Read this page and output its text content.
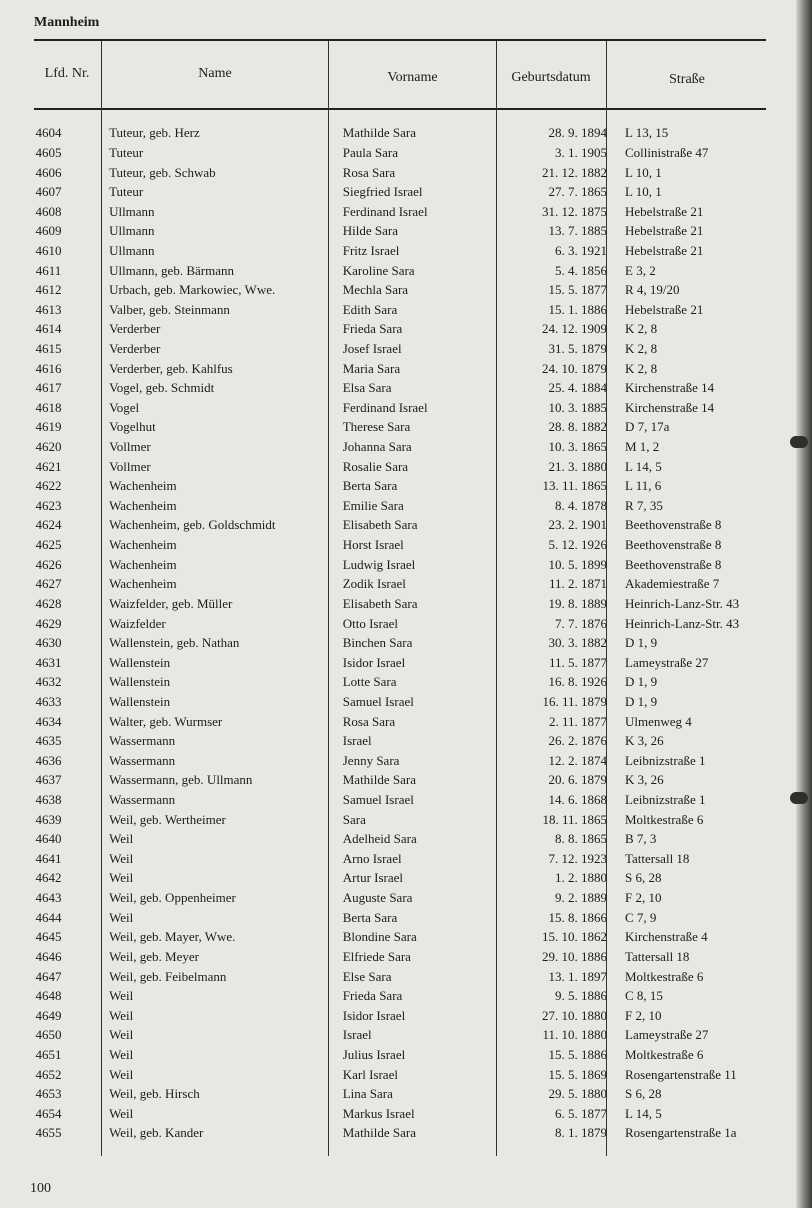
Mannheim
Lfd. Nr.	Name	Vorname	Geburtsdatum	Straße
4604	Tuteur, geb. Herz	Mathilde Sara	28. 9. 1894	L 13, 15
4605	Tuteur	Paula Sara	3. 1. 1905	Collinistraße 47
4606	Tuteur, geb. Schwab	Rosa Sara	21. 12. 1882	L 10, 1
4607	Tuteur	Siegfried Israel	27. 7. 1865	L 10, 1
4608	Ullmann	Ferdinand Israel	31. 12. 1875	Hebelstraße 21
4609	Ullmann	Hilde Sara	13. 7. 1885	Hebelstraße 21
4610	Ullmann	Fritz Israel	6. 3. 1921	Hebelstraße 21
4611	Ullmann, geb. Bärmann	Karoline Sara	5. 4. 1856	E 3, 2
4612	Urbach, geb. Markowiec, Wwe.	Mechla Sara	15. 5. 1877	R 4, 19/20
4613	Valber, geb. Steinmann	Edith Sara	15. 1. 1886	Hebelstraße 21
4614	Verderber	Frieda Sara	24. 12. 1909	K 2, 8
4615	Verderber	Josef Israel	31. 5. 1879	K 2, 8
4616	Verderber, geb. Kahlfus	Maria Sara	24. 10. 1879	K 2, 8
4617	Vogel, geb. Schmidt	Elsa Sara	25. 4. 1884	Kirchenstraße 14
4618	Vogel	Ferdinand Israel	10. 3. 1885	Kirchenstraße 14
4619	Vogelhut	Therese Sara	28. 8. 1882	D 7, 17a
4620	Vollmer	Johanna Sara	10. 3. 1865	M 1, 2
4621	Vollmer	Rosalie Sara	21. 3. 1880	L 14, 5
4622	Wachenheim	Berta Sara	13. 11. 1865	L 11, 6
4623	Wachenheim	Emilie Sara	8. 4. 1878	R 7, 35
4624	Wachenheim, geb. Goldschmidt	Elisabeth Sara	23. 2. 1901	Beethovenstraße 8
4625	Wachenheim	Horst Israel	5. 12. 1926	Beethovenstraße 8
4626	Wachenheim	Ludwig Israel	10. 5. 1899	Beethovenstraße 8
4627	Wachenheim	Zodik Israel	11. 2. 1871	Akademiestraße 7
4628	Waizfelder, geb. Müller	Elisabeth Sara	19. 8. 1889	Heinrich-Lanz-Str. 43
4629	Waizfelder	Otto Israel	7. 7. 1876	Heinrich-Lanz-Str. 43
4630	Wallenstein, geb. Nathan	Binchen Sara	30. 3. 1882	D 1, 9
4631	Wallenstein	Isidor Israel	11. 5. 1877	Lameystraße 27
4632	Wallenstein	Lotte Sara	16. 8. 1926	D 1, 9
4633	Wallenstein	Samuel Israel	16. 11. 1879	D 1, 9
4634	Walter, geb. Wurmser	Rosa Sara	2. 11. 1877	Ulmenweg 4
4635	Wassermann	Israel	26. 2. 1876	K 3, 26
4636	Wassermann	Jenny Sara	12. 2. 1874	Leibnizstraße 1
4637	Wassermann, geb. Ullmann	Mathilde Sara	20. 6. 1879	K 3, 26
4638	Wassermann	Samuel Israel	14. 6. 1868	Leibnizstraße 1
4639	Weil, geb. Wertheimer	Sara	18. 11. 1865	Moltkestraße 6
4640	Weil	Adelheid Sara	8. 8. 1865	B 7, 3
4641	Weil	Arno Israel	7. 12. 1923	Tattersall 18
4642	Weil	Artur Israel	1. 2. 1880	S 6, 28
4643	Weil, geb. Oppenheimer	Auguste Sara	9. 2. 1889	F 2, 10
4644	Weil	Berta Sara	15. 8. 1866	C 7, 9
4645	Weil, geb. Mayer, Wwe.	Blondine Sara	15. 10. 1862	Kirchenstraße 4
4646	Weil, geb. Meyer	Elfriede Sara	29. 10. 1886	Tattersall 18
4647	Weil, geb. Feibelmann	Else Sara	13. 1. 1897	Moltkestraße 6
4648	Weil	Frieda Sara	9. 5. 1886	C 8, 15
4649	Weil	Isidor Israel	27. 10. 1880	F 2, 10
4650	Weil	Israel	11. 10. 1880	Lameystraße 27
4651	Weil	Julius Israel	15. 5. 1886	Moltkestraße 6
4652	Weil	Karl Israel	15. 5. 1869	Rosengartenstraße 11
4653	Weil, geb. Hirsch	Lina Sara	29. 5. 1880	S 6, 28
4654	Weil	Markus Israel	6. 5. 1877	L 14, 5
4655	Weil, geb. Kander	Mathilde Sara	8. 1. 1879	Rosengartenstraße 1a
100
